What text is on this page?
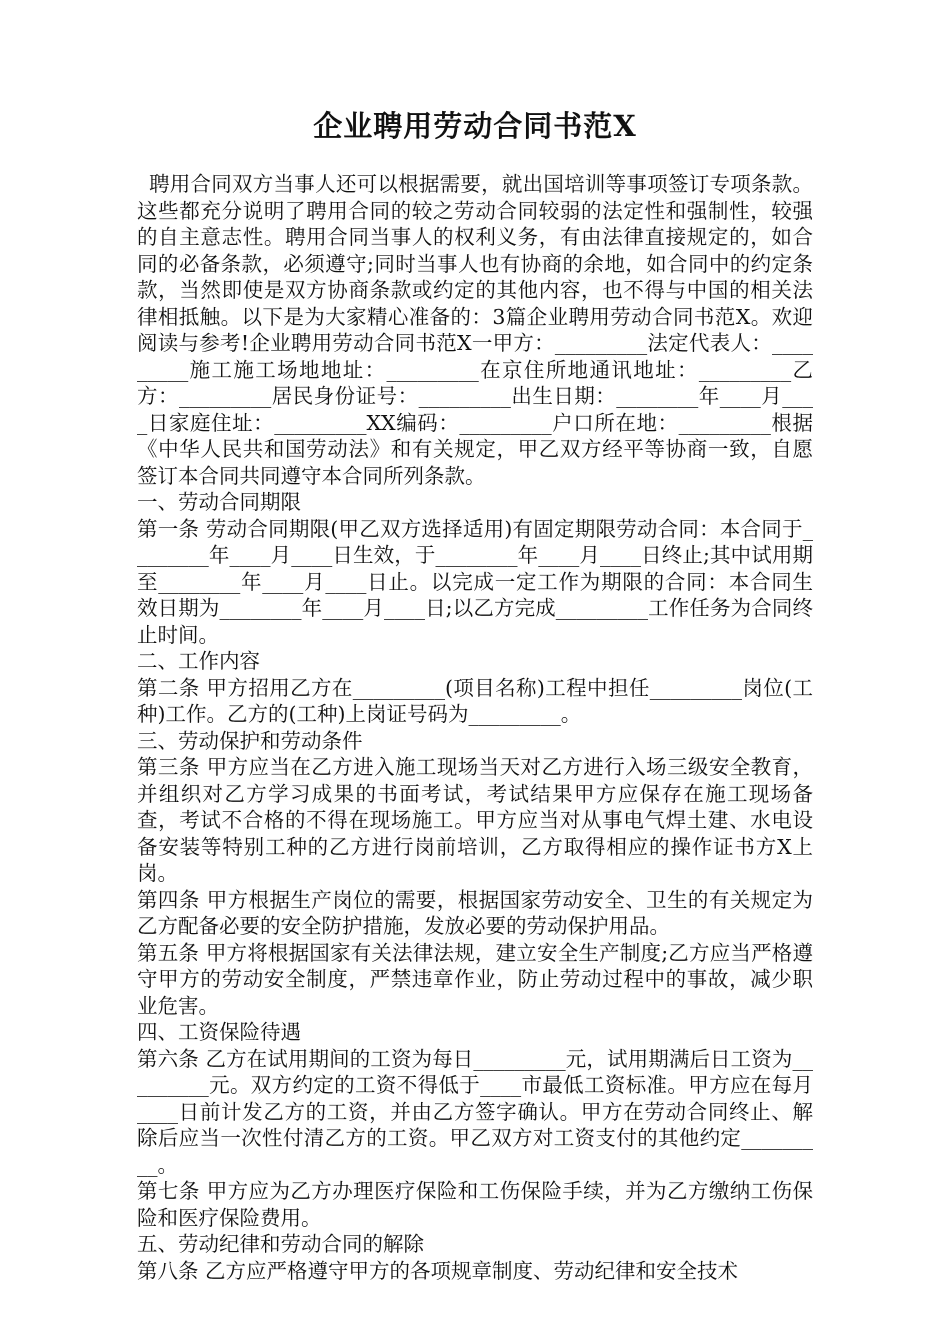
企业聘用劳动合同书范X

聘用合同双方当事人还可以根据需要，就出国培训等事项签订专项条款。这些都充分说明了聘用合同的较之劳动合同较弱的法定性和强制性，较强的自主意志性。聘用合同当事人的权利义务，有由法律直接规定的，如合同的必备条款，必须遵守;同时当事人也有协商的余地，如合同中的约定条款，当然即使是双方协商条款或约定的其他内容，也不得与中国的相关法律相抵触。以下是为大家精心准备的：3篇企业聘用劳动合同书范X。欢迎阅读与参考!企业聘用劳动合同书范X一甲方：_________法定代表人：_________施工施工场地地址：_________在京住所地通讯地址：_________乙方：_________居民身份证号：_________出生日期：________年____月____日家庭住址：_________XX编码：_________户口所在地：_________根据《中华人民共和国劳动法》和有关规定，甲乙双方经平等协商一致，自愿签订本合同共同遵守本合同所列条款。

一、劳动合同期限

第一条 劳动合同期限(甲乙双方选择适用)有固定期限劳动合同：本合同于________年____月____日生效，于________年____月____日终止;其中试用期至________年____月____日止。以完成一定工作为期限的合同：本合同生效日期为________年____月____日;以乙方完成_________工作任务为合同终止时间。

二、工作内容

第二条 甲方招用乙方在_________(项目名称)工程中担任_________岗位(工种)工作。乙方的(工种)上岗证号码为_________。

三、劳动保护和劳动条件

第三条 甲方应当在乙方进入施工现场当天对乙方进行入场三级安全教育，并组织对乙方学习成果的书面考试，考试结果甲方应保存在施工现场备查，考试不合格的不得在现场施工。甲方应当对从事电气焊土建、水电设备安装等特别工种的乙方进行岗前培训，乙方取得相应的操作证书方X上岗。

第四条 甲方根据生产岗位的需要，根据国家劳动安全、卫生的有关规定为乙方配备必要的安全防护措施，发放必要的劳动保护用品。

第五条 甲方将根据国家有关法律法规，建立安全生产制度;乙方应当严格遵守甲方的劳动安全制度，严禁违章作业，防止劳动过程中的事故，减少职业危害。

四、工资保险待遇

第六条 乙方在试用期间的工资为每日_________元，试用期满后日工资为_________元。双方约定的工资不得低于____市最低工资标准。甲方应在每月____日前计发乙方的工资，并由乙方签字确认。甲方在劳动合同终止、解除后应当一次性付清乙方的工资。甲乙双方对工资支付的其他约定_________。

第七条 甲方应为乙方办理医疗保险和工伤保险手续，并为乙方缴纳工伤保险和医疗保险费用。

五、劳动纪律和劳动合同的解除

第八条 乙方应严格遵守甲方的各项规章制度、劳动纪律和安全技术
